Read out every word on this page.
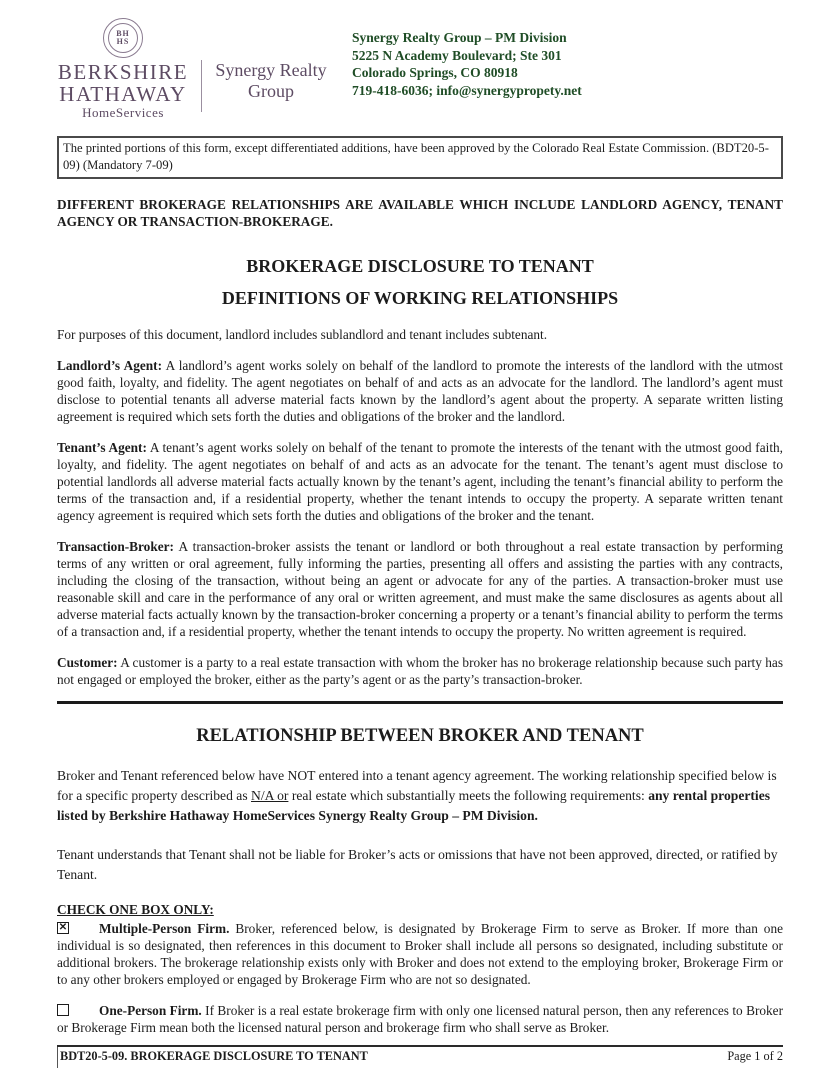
BH
HS
BERKSHIRE
HATHAWAY
HomeServices
Synergy Realty
Group
Synergy Realty Group – PM Division
5225 N Academy Boulevard; Ste 301
Colorado Springs, CO 80918
719-418-6036; info@synergypropety.net
The printed portions of this form, except differentiated additions, have been approved by the Colorado Real Estate Commission. (BDT20-5-09) (Mandatory 7-09)

DIFFERENT BROKERAGE RELATIONSHIPS ARE AVAILABLE WHICH INCLUDE LANDLORD AGENCY, TENANT AGENCY OR TRANSACTION-BROKERAGE.

BROKERAGE DISCLOSURE TO TENANT
DEFINITIONS OF WORKING RELATIONSHIPS

For purposes of this document, landlord includes sublandlord and tenant includes subtenant.

Landlord’s Agent: A landlord’s agent works solely on behalf of the landlord to promote the interests of the landlord with the utmost good faith, loyalty, and fidelity. The agent negotiates on behalf of and acts as an advocate for the landlord. The landlord’s agent must disclose to potential tenants all adverse material facts known by the landlord’s agent about the property. A separate written listing agreement is required which sets forth the duties and obligations of the broker and the landlord.

Tenant’s Agent: A tenant’s agent works solely on behalf of the tenant to promote the interests of the tenant with the utmost good faith, loyalty, and fidelity. The agent negotiates on behalf of and acts as an advocate for the tenant. The tenant’s agent must disclose to potential landlords all adverse material facts actually known by the tenant’s agent, including the tenant’s financial ability to perform the terms of the transaction and, if a residential property, whether the tenant intends to occupy the property. A separate written tenant agency agreement is required which sets forth the duties and obligations of the broker and the tenant.

Transaction-Broker: A transaction-broker assists the tenant or landlord or both throughout a real estate transaction by performing terms of any written or oral agreement, fully informing the parties, presenting all offers and assisting the parties with any contracts, including the closing of the transaction, without being an agent or advocate for any of the parties. A transaction-broker must use reasonable skill and care in the performance of any oral or written agreement, and must make the same disclosures as agents about all adverse material facts actually known by the transaction-broker concerning a property or a tenant’s financial ability to perform the terms of a transaction and, if a residential property, whether the tenant intends to occupy the property. No written agreement is required.

Customer: A customer is a party to a real estate transaction with whom the broker has no brokerage relationship because such party has not engaged or employed the broker, either as the party’s agent or as the party’s transaction-broker.

RELATIONSHIP BETWEEN BROKER AND TENANT

Broker and Tenant referenced below have NOT entered into a tenant agency agreement. The working relationship specified below is for a specific property described as N/A or real estate which substantially meets the following requirements: any rental properties listed by Berkshire Hathaway HomeServices Synergy Realty Group – PM Division.

Tenant understands that Tenant shall not be liable for Broker’s acts or omissions that have not been approved, directed, or ratified by Tenant.

CHECK ONE BOX ONLY:

✕ Multiple-Person Firm. Broker, referenced below, is designated by Brokerage Firm to serve as Broker. If more than one individual is so designated, then references in this document to Broker shall include all persons so designated, including substitute or additional brokers. The brokerage relationship exists only with Broker and does not extend to the employing broker, Brokerage Firm or to any other brokers employed or engaged by Brokerage Firm who are not so designated.

One-Person Firm. If Broker is a real estate brokerage firm with only one licensed natural person, then any references to Broker or Brokerage Firm mean both the licensed natural person and brokerage firm who shall serve as Broker.

BDT20-5-09. BROKERAGE DISCLOSURE TO TENANT	Page 1 of 2
